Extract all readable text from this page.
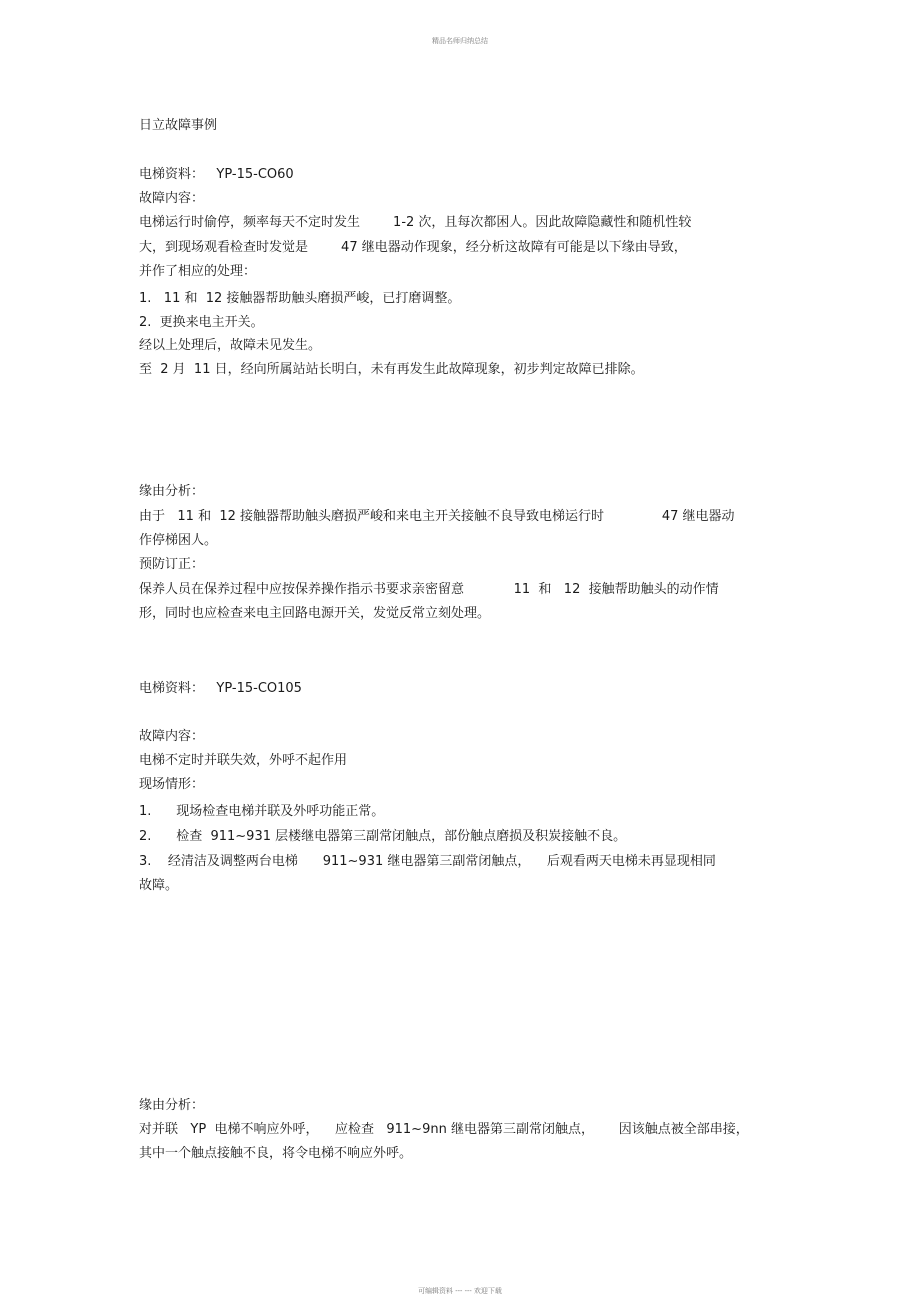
精品名师归纳总结
日立故障事例
电梯资料：   YP-15-CO60
故障内容：
电梯运行时偷停，频率每天不定时发生        1-2 次，且每次都困人。因此故障隐藏性和随机性较
大，到现场观看检查时发觉是        47 继电器动作现象，经分析这故障有可能是以下缘由导致，
并作了相应的处理：
1.   11 和  12 接触器帮助触头磨损严峻，已打磨调整。
2.  更换来电主开关。
经以上处理后，故障未见发生。
至  2 月  11 日，经向所属站站长明白，未有再发生此故障现象，初步判定故障已排除。
缘由分析：
由于   11 和  12 接触器帮助触头磨损严峻和来电主开关接触不良导致电梯运行时              47 继电器动
作停梯困人。
预防订正：
保养人员在保养过程中应按保养操作指示书要求亲密留意            11  和   12  接触帮助触头的动作情
形，同时也应检查来电主回路电源开关，发觉反常立刻处理。
电梯资料：   YP-15-CO105
故障内容：
电梯不定时并联失效，外呼不起作用
现场情形：
1.      现场检查电梯并联及外呼功能正常。
2.      检查  911~931 层楼继电器第三副常闭触点，部份触点磨损及积炭接触不良。
3.    经清洁及调整两台电梯      911~931 继电器第三副常闭触点，    后观看两天电梯未再显现相同
故障。
缘由分析：
对并联   YP  电梯不响应外呼，    应检查   911~9nn 继电器第三副常闭触点，      因该触点被全部串接，
其中一个触点接触不良，将令电梯不响应外呼。
可编辑资料 --- --- 欢迎下载
